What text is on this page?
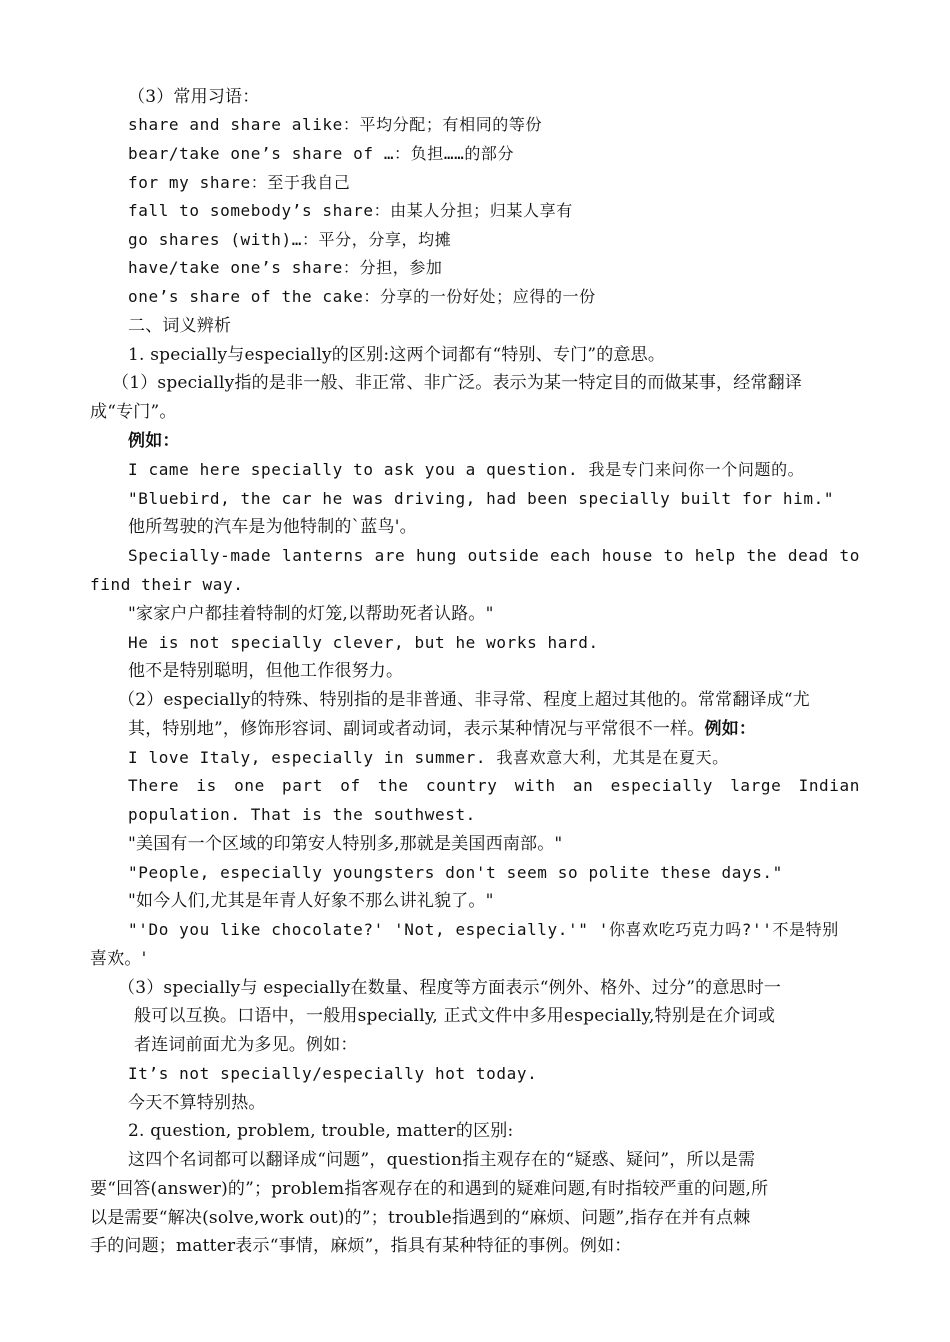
（3）常用习语：
share and share alike：平均分配；有相同的等份
bear/take one’s share of …：负担……的部分
for my share：至于我自己
fall to somebody’s share：由某人分担；归某人享有
go shares (with)…：平分，分享，均摊
have/take one’s share：分担，参加
one’s share of the cake：分享的一份好处；应得的一份
二、词义辨析
1. specially与especially的区别:这两个词都有“特别、专门”的意思。
（1）specially指的是非一般、非正常、非广泛。表示为某一特定目的而做某事，经常翻译
成“专门”。
例如：
I came here specially to ask you a question. 我是专门来问你一个问题的。
"Bluebird, the car he was driving, had been specially built for him."
他所驾驶的汽车是为他特制的`蓝鸟'。
Specially-made lanterns are hung outside each house to help the dead to
find their way.
"家家户户都挂着特制的灯笼,以帮助死者认路。"
He is not specially clever, but he works hard.
他不是特别聪明，但他工作很努力。
（2）especially的特殊、特别指的是非普通、非寻常、程度上超过其他的。常常翻译成“尤
其，特别地”，修饰形容词、副词或者动词，表示某种情况与平常很不一样。例如：
I love Italy, especially in summer. 我喜欢意大利，尤其是在夏天。
There is one part of the country with an especially large Indian
population. That is the southwest.
"美国有一个区域的印第安人特别多,那就是美国西南部。"
"People, especially youngsters don't seem so polite these days."
"如今人们,尤其是年青人好象不那么讲礼貌了。"
"'Do you like chocolate?' 'Not, especially.'" '你喜欢吃巧克力吗?''不是特别
喜欢。'
（3）specially与 especially在数量、程度等方面表示“例外、格外、过分”的意思时一
般可以互换。口语中，一般用specially, 正式文件中多用especially,特别是在介词或
者连词前面尤为多见。例如：
It’s not specially/especially hot today.
今天不算特别热。
2. question, problem, trouble, matter的区别:
这四个名词都可以翻译成“问题”，question指主观存在的“疑惑、疑问”，所以是需
要“回答(answer)的”；problem指客观存在的和遇到的疑难问题,有时指较严重的问题,所
以是需要“解决(solve,work out)的”；trouble指遇到的“麻烦、问题”,指存在并有点棘
手的问题；matter表示“事情，麻烦”，指具有某种特征的事例。例如：
